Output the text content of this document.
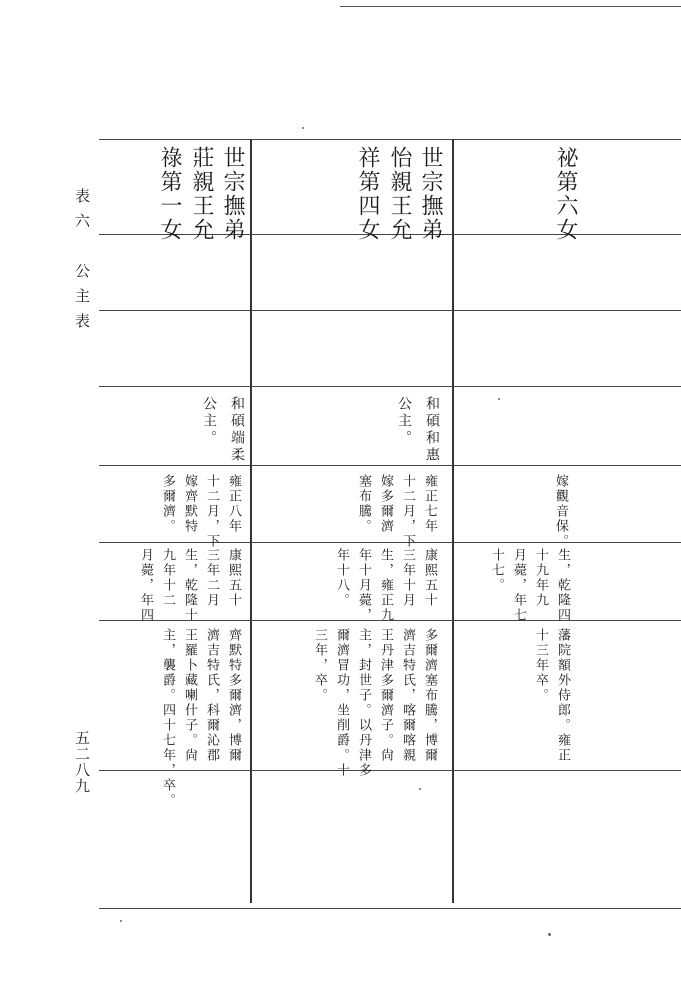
表六　公主表
五二八九
祕第六女
嫁觀音保。
生，乾隆四
十九年九
月薨，年七
十七。
藩院額外侍郎。雍正
十三年卒。
世宗撫弟
怡親王允
祥第四女
和碩和惠
公主。
雍正七年
十二月，下
嫁多爾濟
塞布騰。
康熙五十
三年十月
生，雍正九
年十月薨，
年十八。
多爾濟塞布騰，博爾
濟吉特氏，喀爾喀親
王丹津多爾濟子。尙
主，封世子。以丹津多
爾濟冒功，坐削爵。十
三年，卒。
世宗撫弟
莊親王允
祿第一女
和碩端柔
公主。
雍正八年
十二月，下
嫁齊默特
多爾濟。
康熙五十
三年二月
生，乾隆十
九年十二
月薨，年四
齊默特多爾濟，博爾
濟吉特氏，科爾沁郡
王羅卜藏喇什子。尙
主，襲爵。四十七年，卒。
